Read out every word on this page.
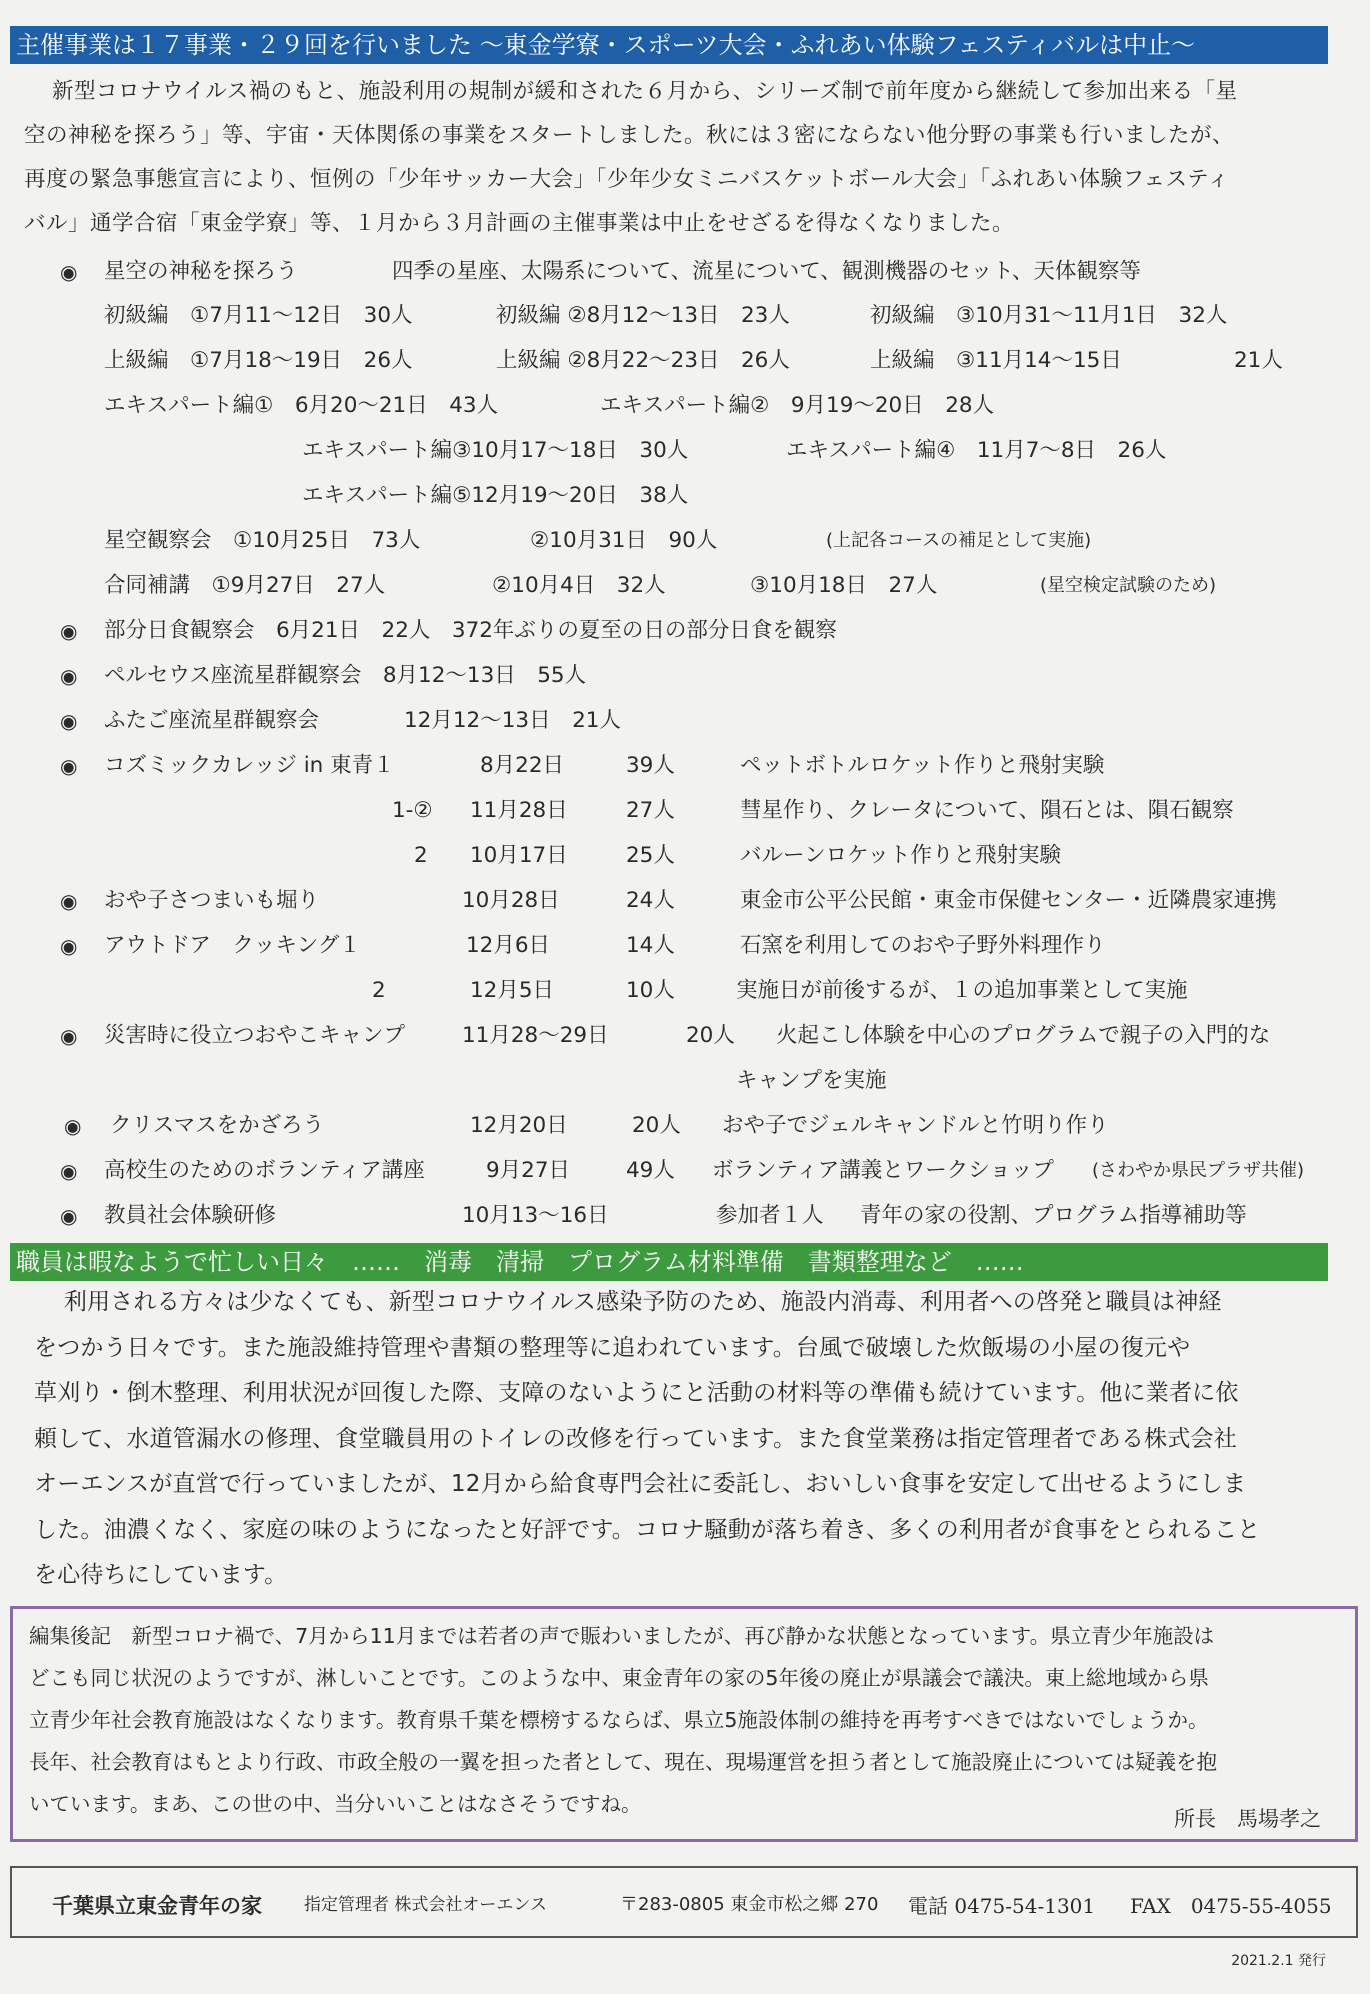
主催事業は１７事業・２９回を行いました ～東金学寮・スポーツ大会・ふれあい体験フェスティバルは中止～
新型コロナウイルス禍のもと、施設利用の規制が緩和された６月から、シリーズ制で前年度から継続して参加出来る「星
空の神秘を探ろう」等、宇宙・天体関係の事業をスタートしました。秋には３密にならない他分野の事業も行いましたが、
再度の緊急事態宣言により、恒例の「少年サッカー大会」「少年少女ミニバスケットボール大会」「ふれあい体験フェスティ
バル」通学合宿「東金学寮」等、１月から３月計画の主催事業は中止をせざるを得なくなりました。
◉ 星空の神秘を探ろう	四季の星座、太陽系について、流星について、観測機器のセット、天体観察等
初級編　①7月11～12日　30人	初級編 ②8月12～13日　23人	初級編　③10月31～11月1日　32人
上級編　①7月18～19日　26人	上級編 ②8月22～23日　26人	上級編　③11月14～15日	21人
エキスパート編①　6月20～21日　43人	エキスパート編②　9月19～20日　28人
エキスパート編③10月17～18日　30人	エキスパート編④　11月7～8日　26人
エキスパート編⑤12月19～20日　38人
星空観察会　①10月25日　73人	②10月31日　90人	(上記各コースの補足として実施)
合同補講　①9月27日　27人	②10月4日　32人	③10月18日　27人	(星空検定試験のため)
◉ 部分日食観察会　6月21日　22人　372年ぶりの夏至の日の部分日食を観察
◉ ペルセウス座流星群観察会　8月12～13日　55人
◉ ふたご座流星群観察会	12月12～13日　21人
◉ コズミックカレッジ in 東青１	8月22日	39人	ペットボトルロケット作りと飛射実験
1-② 11月28日	27人	彗星作り、クレータについて、隕石とは、隕石観察
2 10月17日	25人	バルーンロケット作りと飛射実験
◉ おや子さつまいも堀り	10月28日	24人	東金市公平公民館・東金市保健センター・近隣農家連携
◉ アウトドア　クッキング１	12月6日	14人	石窯を利用してのおや子野外料理作り
2	12月5日	10人	実施日が前後するが、１の追加事業として実施
◉ 災害時に役立つおやこキャンプ	11月28～29日	20人 火起こし体験を中心のプログラムで親子の入門的な
キャンプを実施
◉ クリスマスをかざろう	12月20日	20人 おや子でジェルキャンドルと竹明り作り
◉ 高校生のためのボランティア講座	9月27日	49人 ボランティア講義とワークショップ (さわやか県民プラザ共催)
◉ 教員社会体験研修	10月13～16日	参加者１人 青年の家の役割、プログラム指導補助等
職員は暇なようで忙しい日々　……　消毒　清掃　プログラム材料準備　書類整理など　……
利用される方々は少なくても、新型コロナウイルス感染予防のため、施設内消毒、利用者への啓発と職員は神経
をつかう日々です。また施設維持管理や書類の整理等に追われています。台風で破壊した炊飯場の小屋の復元や
草刈り・倒木整理、利用状況が回復した際、支障のないようにと活動の材料等の準備も続けています。他に業者に依
頼して、水道管漏水の修理、食堂職員用のトイレの改修を行っています。また食堂業務は指定管理者である株式会社
オーエンスが直営で行っていましたが、12月から給食専門会社に委託し、おいしい食事を安定して出せるようにしま
した。油濃くなく、家庭の味のようになったと好評です。コロナ騒動が落ち着き、多くの利用者が食事をとられること
を心待ちにしています。
編集後記　新型コロナ禍で、7月から11月までは若者の声で賑わいましたが、再び静かな状態となっています。県立青少年施設は
どこも同じ状況のようですが、淋しいことです。このような中、東金青年の家の5年後の廃止が県議会で議決。東上総地域から県
立青少年社会教育施設はなくなります。教育県千葉を標榜するならば、県立5施設体制の維持を再考すべきではないでしょうか。
長年、社会教育はもとより行政、市政全般の一翼を担った者として、現在、現場運営を担う者として施設廃止については疑義を抱
いています。まあ、この世の中、当分いいことはなさそうですね。
所長　馬場孝之
千葉県立東金青年の家 指定管理者 株式会社オーエンス	〒283-0805 東金市松之郷 270 電話 0475-54-1301 FAX　0475-55-4055
2021.2.1 発行
